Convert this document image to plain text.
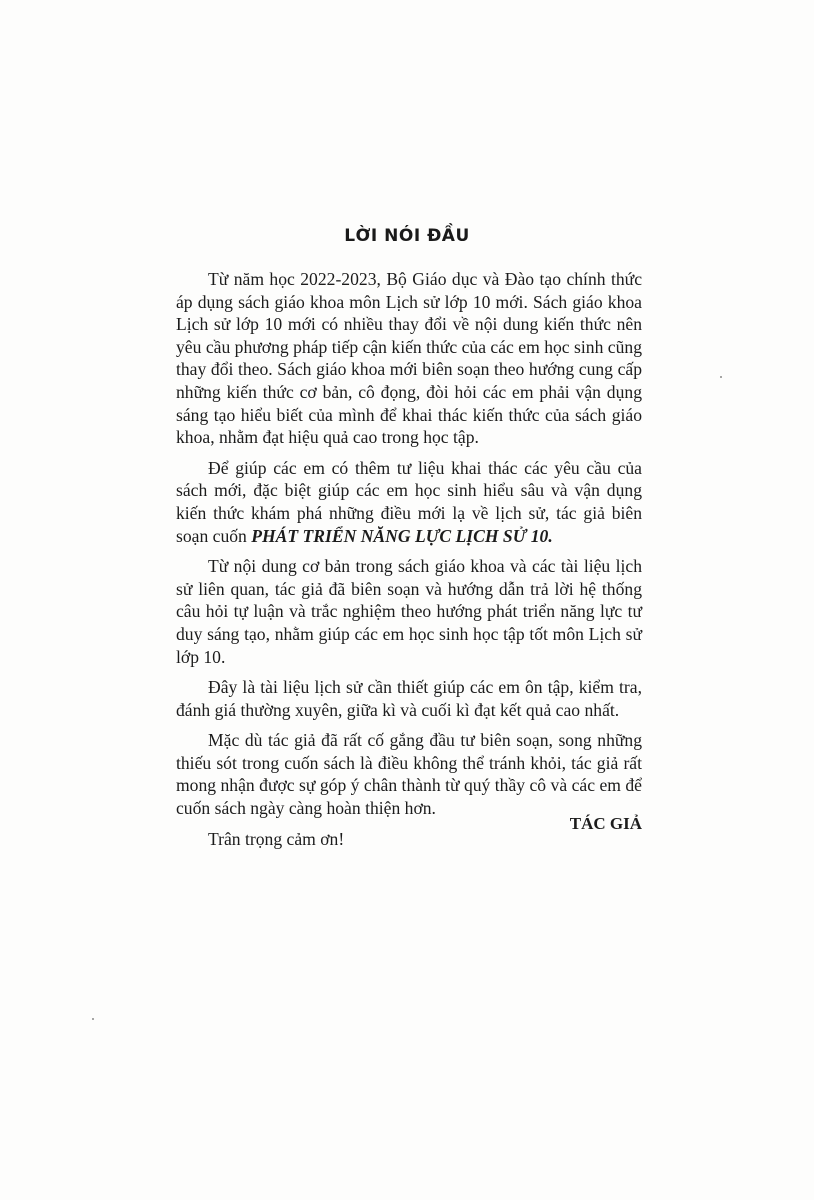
LỜI NÓI ĐẦU

Từ năm học 2022-2023, Bộ Giáo dục và Đào tạo chính thức áp dụng sách giáo khoa môn Lịch sử lớp 10 mới. Sách giáo khoa Lịch sử lớp 10 mới có nhiều thay đổi về nội dung kiến thức nên yêu cầu phương pháp tiếp cận kiến thức của các em học sinh cũng thay đổi theo. Sách giáo khoa mới biên soạn theo hướng cung cấp những kiến thức cơ bản, cô đọng, đòi hỏi các em phải vận dụng sáng tạo hiểu biết của mình để khai thác kiến thức của sách giáo khoa, nhằm đạt hiệu quả cao trong học tập.

Để giúp các em có thêm tư liệu khai thác các yêu cầu của sách mới, đặc biệt giúp các em học sinh hiểu sâu và vận dụng kiến thức khám phá những điều mới lạ về lịch sử, tác giả biên soạn cuốn PHÁT TRIỂN NĂNG LỰC LỊCH SỬ 10.

Từ nội dung cơ bản trong sách giáo khoa và các tài liệu lịch sử liên quan, tác giả đã biên soạn và hướng dẫn trả lời hệ thống câu hỏi tự luận và trắc nghiệm theo hướng phát triển năng lực tư duy sáng tạo, nhằm giúp các em học sinh học tập tốt môn Lịch sử lớp 10.

Đây là tài liệu lịch sử cần thiết giúp các em ôn tập, kiểm tra, đánh giá thường xuyên, giữa kì và cuối kì đạt kết quả cao nhất.

Mặc dù tác giả đã rất cố gắng đầu tư biên soạn, song những thiếu sót trong cuốn sách là điều không thể tránh khỏi, tác giả rất mong nhận được sự góp ý chân thành từ quý thầy cô và các em để cuốn sách ngày càng hoàn thiện hơn.

Trân trọng cảm ơn!

TÁC GIẢ
